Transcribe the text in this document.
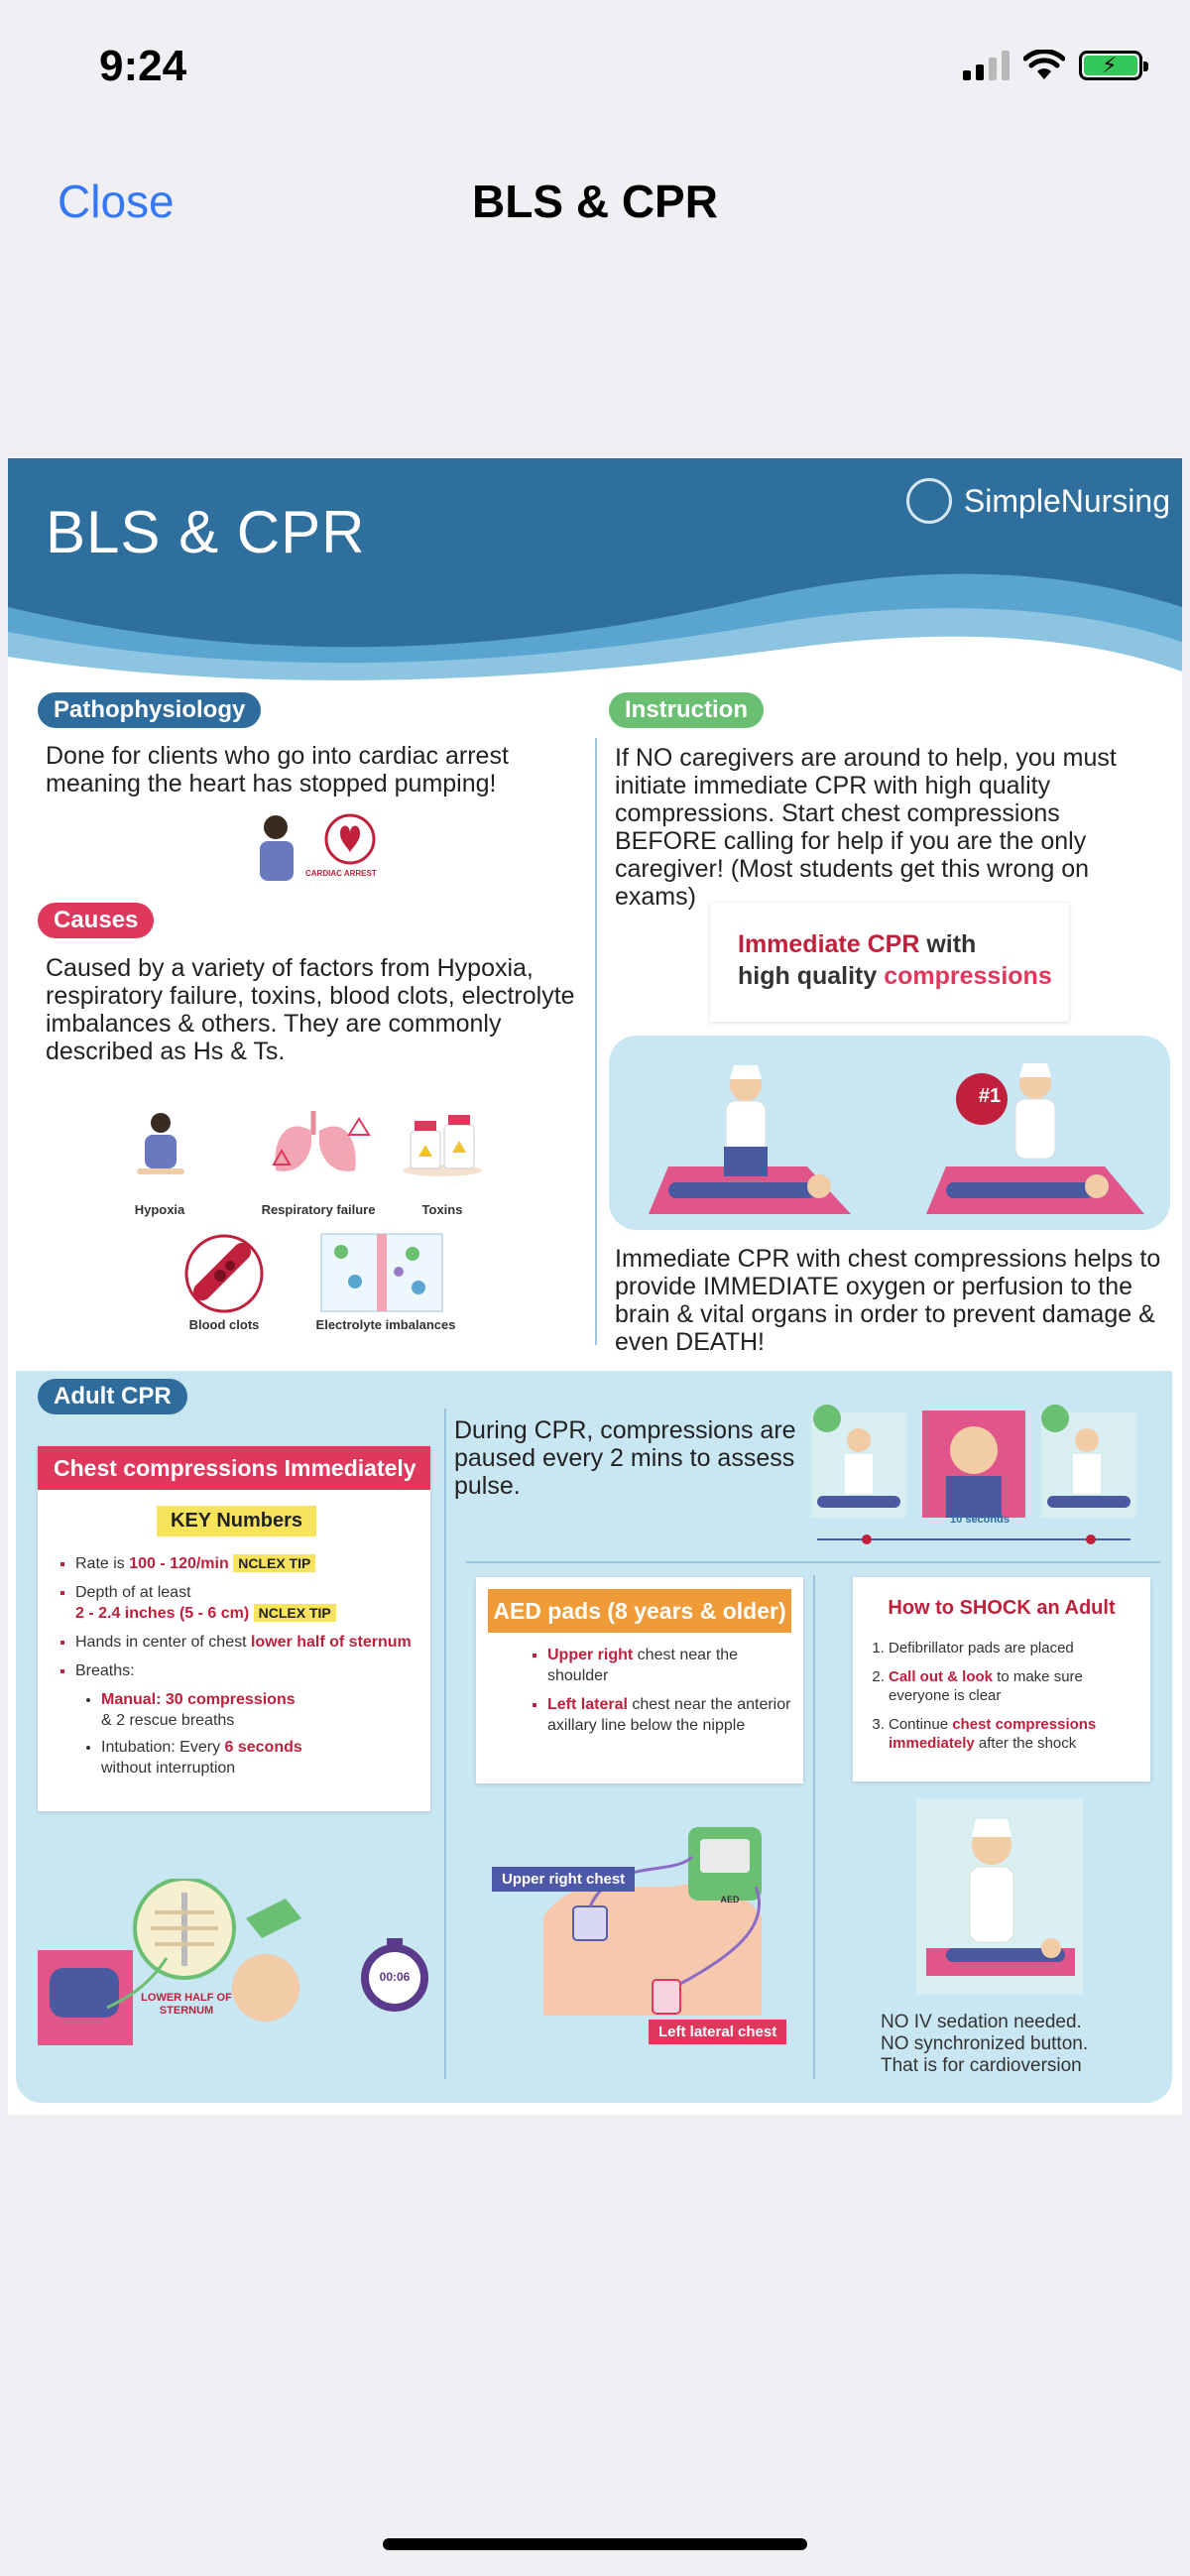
9:24	⚡
BLS & CPR
Close
BLS & CPR	SimpleNursing
Pathophysiology
Done for clients who go into cardiac arrest meaning the heart has stopped pumping!
CARDIAC ARREST
Causes
Caused by a variety of factors from Hypoxia, respiratory failure, toxins, blood clots, electrolyte imbalances & others. They are commonly described as Hs & Ts.
Hypoxia	Respiratory failure	Toxins
Blood clots	Electrolyte imbalances
Instruction
If NO caregivers are around to help, you must initiate immediate CPR with high quality compressions. Start chest compressions BEFORE calling for help if you are the only caregiver! (Most students get this wrong on exams)
Immediate CPR with
high quality compressions
#1
Immediate CPR with chest compressions helps to provide IMMEDIATE oxygen or perfusion to the brain & vital organs in order to prevent damage & even DEATH!
Adult CPR
Chest compressions Immediately
KEY Numbers
▪ Rate is 100 - 120/min NCLEX TIP
▪ Depth of at least
2 - 2.4 inches (5 - 6 cm) NCLEX TIP
▪ Hands in center of chest lower half of sternum
▪ Breaths:
• Manual: 30 compressions
& 2 rescue breaths
• Intubation: Every 6 seconds
without interruption
LOWER HALF OF STERNUM
00:06
During CPR, compressions are paused every 2 mins to assess pulse.
10 seconds
AED pads (8 years & older)
▪ Upper right chest near the shoulder
▪ Left lateral chest near the anterior axillary line below the nipple
Upper right chest
Left lateral chest
AED
How to SHOCK an Adult
1. Defibrillator pads are placed
2. Call out & look to make sure everyone is clear
3. Continue chest compressions immediately after the shock
NO IV sedation needed.
NO synchronized button.
That is for cardioversion
